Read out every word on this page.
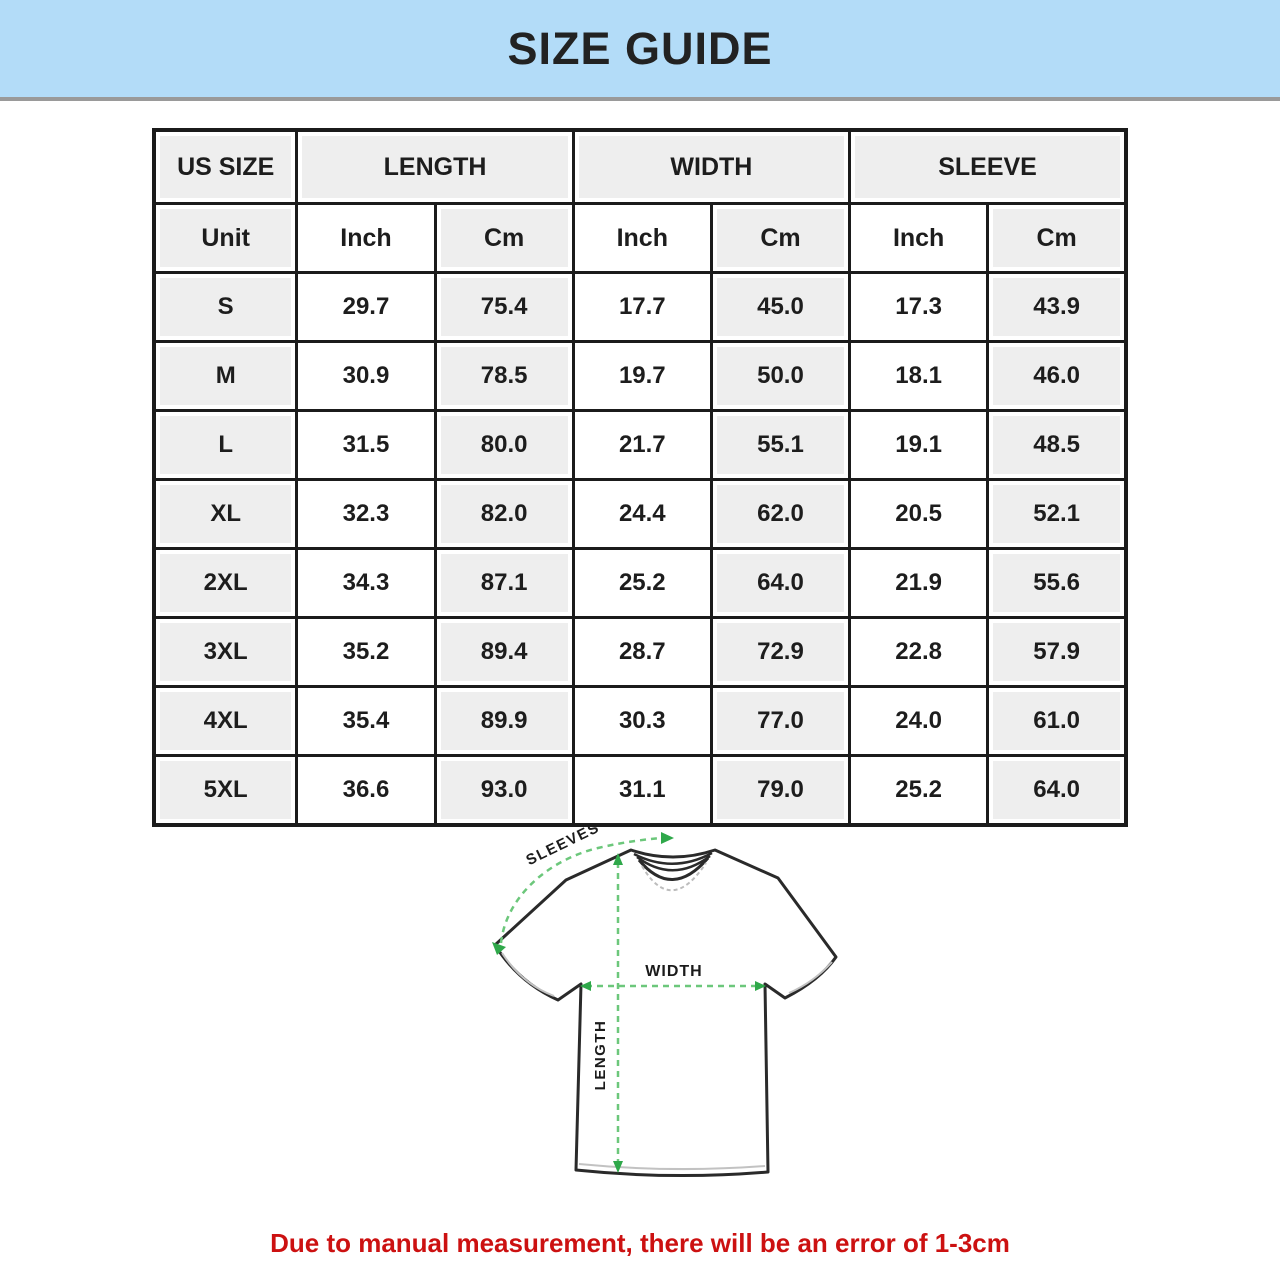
SIZE GUIDE
US SIZE	LENGTH		WIDTH		SLEEVE	

Unit	Inch	Cm	Inch	Cm	Inch	Cm

S	29.7	75.4	17.7	45.0	17.3	43.9

M	30.9	78.5	19.7	50.0	18.1	46.0

L	31.5	80.0	21.7	55.1	19.1	48.5

XL	32.3	82.0	24.4	62.0	20.5	52.1

2XL	34.3	87.1	25.2	64.0	21.9	55.6

3XL	35.2	89.4	28.7	72.9	22.8	57.9

4XL	35.4	89.9	30.3	77.0	24.0	61.0

5XL	36.6	93.0	31.1	79.0	25.2	64.0
SLEEVES
WIDTH
LENGTH

Due to manual measurement, there will be an error of 1-3cm
